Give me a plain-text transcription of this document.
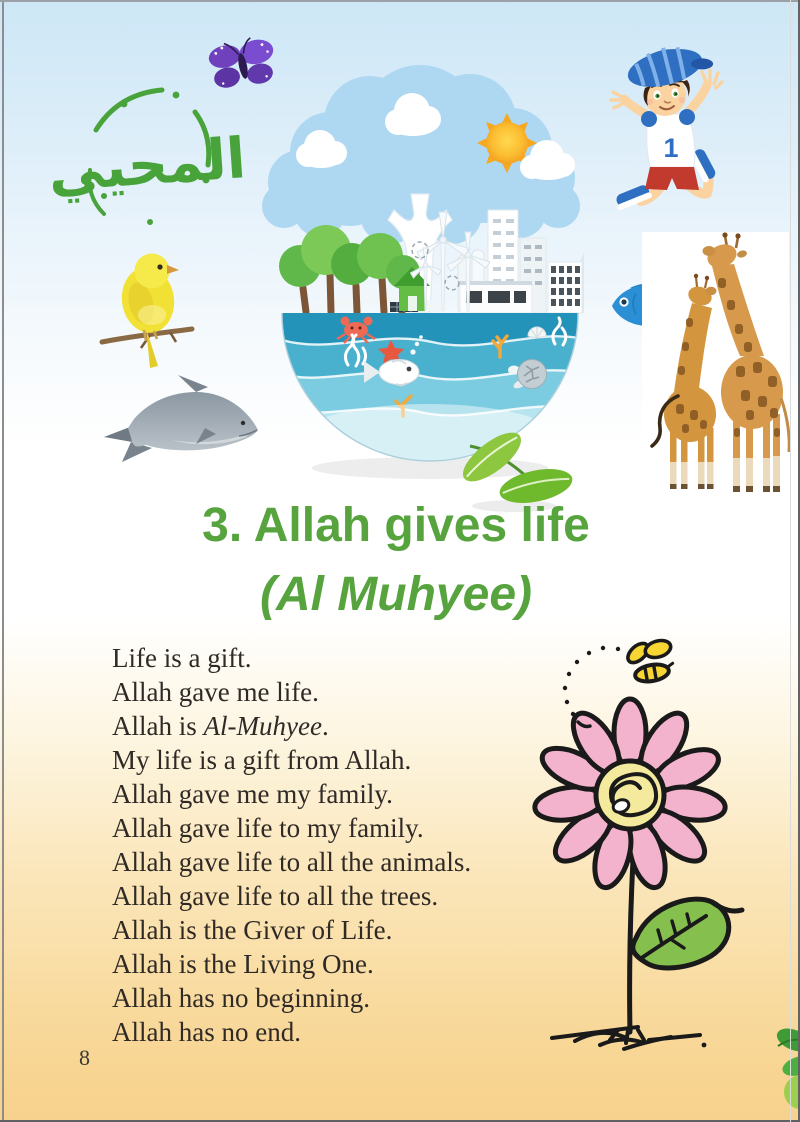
1
المحيي
3. Allah gives life
(Al Muhyee)
Life is a gift.
Allah gave me life.
Allah is Al-Muhyee.
My life is a gift from Allah.
Allah gave me my family.
Allah gave life to my family.
Allah gave life to all the animals.
Allah gave life to all the trees.
Allah is the Giver of Life.
Allah is the Living One.
Allah has no beginning.
Allah has no end.
8
